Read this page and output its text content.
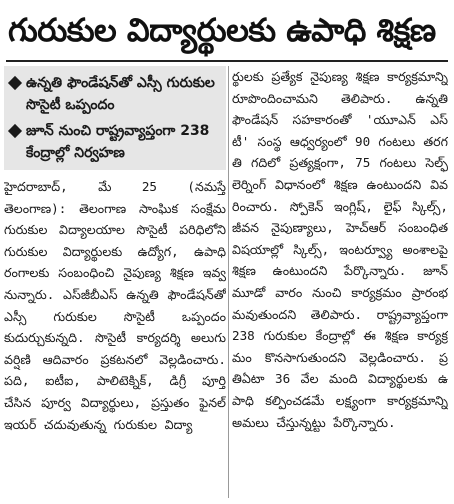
గురుకుల విద్యార్థులకు ఉపాధి శిక్షణ
ఉన్నతి ఫౌండేషన్‌తో ఎస్సీ గురుకుల సొసైటీ ఒప్పందం
జూన్ నుంచి రాష్ట్రవ్యాప్తంగా 238 కేంద్రాల్లో నిర్వహణ

హైదరాబాద్, మే 25 (నమస్తే తెలంగాణ): తెలంగాణ సాంఘిక సంక్షేమ గురుకుల విద్యాలయాల సొసైటీ పరిధిలోని గురుకుల విద్యార్థులకు ఉద్యోగ, ఉపాధి రంగాలకు సంబంధించి నైపుణ్య శిక్షణ ఇవ్వనున్నారు. ఎస్‌జీబీఎస్ ఉన్నతి ఫౌండేషన్‌తో ఎస్సీ గురుకుల సొసైటీ ఒప్పందం కుదుర్చుకున్నది. సొసైటీ కార్యదర్శి అలుగు వర్షిణి ఆదివారం ప్రకటనలో వెల్లడించారు. పది, ఐటీఐ, పాలిటెక్నిక్, డిగ్రీ పూర్తి చేసిన పూర్వ విద్యార్థులు, ప్రస్తుతం ఫైనల్ ఇయర్ చదువుతున్న గురుకుల విద్యా

ర్థులకు ప్రత్యేక నైపుణ్య శిక్షణ కార్యక్రమాన్ని రూపొందించామని తెలిపారు. ఉన్నతి ఫౌండేషన్ సహకారంతో 'యూఎన్ ఎస్ టీ' సంస్థ ఆధ్వర్యంలో 90 గంటలు తరగతి గదిలో ప్రత్యక్షంగా, 75 గంటలు సెల్ఫ్ లెర్నింగ్ విధానంలో శిక్షణ ఉంటుందని వివరించారు. స్పోకెన్ ఇంగ్లిష్, లైఫ్ స్కిల్స్, జీవన నైపుణ్యాలు, హెచ్‌ఆర్ సంబంధిత విషయాల్లో స్కిల్స్, ఇంటర్వ్యూ అంశాలపై శిక్షణ ఉంటుందని పేర్కొన్నారు. జూన్ మూడో వారం నుంచి కార్యక్రమం ప్రారంభమవుతుందని తెలిపారు. రాష్ట్రవ్యాప్తంగా 238 గురుకుల కేంద్రాల్లో ఈ శిక్షణ కార్యక్రమం కొనసాగుతుందని వెల్లడించారు. ప్రతిఏటా 36 వేల మంది విద్యార్థులకు ఉపాధి కల్పించడమే లక్ష్యంగా కార్యక్రమాన్ని అమలు చేస్తున్నట్టు పేర్కొన్నారు.
